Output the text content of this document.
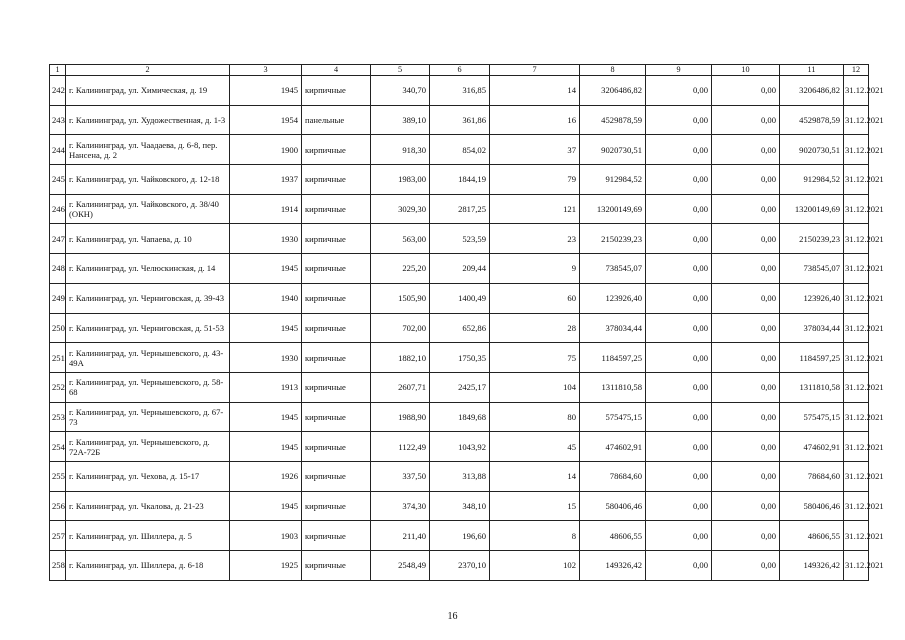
1	2	3	4	5	6	7	8	9	10	11	12
242	г. Калининград, ул. Химическая, д. 19	1945	кирпичные	340,70	316,85	14	3206486,82	0,00	0,00	3206486,82	31.12.2021
243	г. Калининград, ул. Художественная, д. 1-3	1954	панельные	389,10	361,86	16	4529878,59	0,00	0,00	4529878,59	31.12.2021
244	г. Калининград, ул. Чаадаева, д. 6-8, пер. Нансена, д. 2	1900	кирпичные	918,30	854,02	37	9020730,51	0,00	0,00	9020730,51	31.12.2021
245	г. Калининград, ул. Чайковского, д. 12-18	1937	кирпичные	1983,00	1844,19	79	912984,52	0,00	0,00	912984,52	31.12.2021
246	г. Калининград, ул. Чайковского, д. 38/40 (ОКН)	1914	кирпичные	3029,30	2817,25	121	13200149,69	0,00	0,00	13200149,69	31.12.2021
247	г. Калининград, ул. Чапаева, д. 10	1930	кирпичные	563,00	523,59	23	2150239,23	0,00	0,00	2150239,23	31.12.2021
248	г. Калининград, ул. Челюскинская, д. 14	1945	кирпичные	225,20	209,44	9	738545,07	0,00	0,00	738545,07	31.12.2021
249	г. Калининград, ул. Черниговская, д. 39-43	1940	кирпичные	1505,90	1400,49	60	123926,40	0,00	0,00	123926,40	31.12.2021
250	г. Калининград, ул. Черниговская, д. 51-53	1945	кирпичные	702,00	652,86	28	378034,44	0,00	0,00	378034,44	31.12.2021
251	г. Калининград, ул. Чернышевского, д. 43-49А	1930	кирпичные	1882,10	1750,35	75	1184597,25	0,00	0,00	1184597,25	31.12.2021
252	г. Калининград, ул. Чернышевского, д. 58-68	1913	кирпичные	2607,71	2425,17	104	1311810,58	0,00	0,00	1311810,58	31.12.2021
253	г. Калининград, ул. Чернышевского, д. 67-73	1945	кирпичные	1988,90	1849,68	80	575475,15	0,00	0,00	575475,15	31.12.2021
254	г. Калининград, ул. Чернышевского, д. 72А-72Б	1945	кирпичные	1122,49	1043,92	45	474602,91	0,00	0,00	474602,91	31.12.2021
255	г. Калининград, ул. Чехова, д. 15-17	1926	кирпичные	337,50	313,88	14	78684,60	0,00	0,00	78684,60	31.12.2021
256	г. Калининград, ул. Чкалова, д. 21-23	1945	кирпичные	374,30	348,10	15	580406,46	0,00	0,00	580406,46	31.12.2021
257	г. Калининград, ул. Шиллера, д. 5	1903	кирпичные	211,40	196,60	8	48606,55	0,00	0,00	48606,55	31.12.2021
258	г. Калининград, ул. Шиллера, д. 6-18	1925	кирпичные	2548,49	2370,10	102	149326,42	0,00	0,00	149326,42	31.12.2021
16
